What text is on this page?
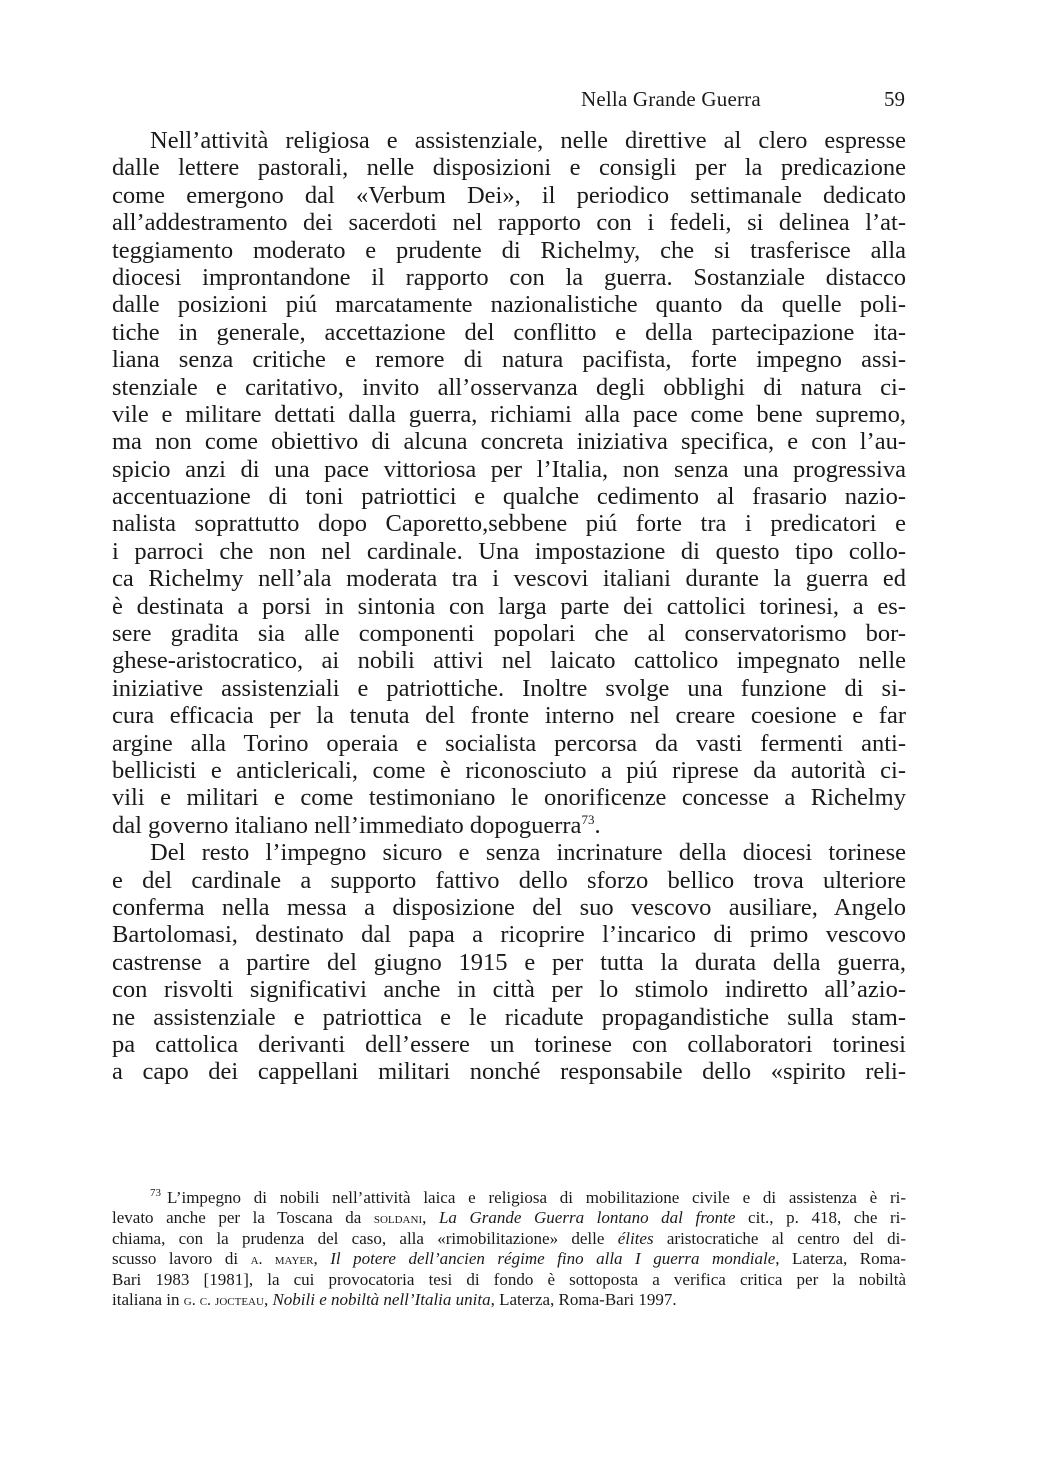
Nella Grande Guerra	59
Nell’attività religiosa e assistenziale, nelle direttive al clero espresse
dalle lettere pastorali, nelle disposizioni e consigli per la predicazione
come emergono dal «Verbum Dei», il periodico settimanale dedicato
all’addestramento dei sacerdoti nel rapporto con i fedeli, si delinea l’at-
teggiamento moderato e prudente di Richelmy, che si trasferisce alla
diocesi improntandone il rapporto con la guerra. Sostanziale distacco
dalle posizioni piú marcatamente nazionalistiche quanto da quelle poli-
tiche in generale, accettazione del conflitto e della partecipazione ita-
liana senza critiche e remore di natura pacifista, forte impegno assi-
stenziale e caritativo, invito all’osservanza degli obblighi di natura ci-
vile e militare dettati dalla guerra, richiami alla pace come bene supremo,
ma non come obiettivo di alcuna concreta iniziativa specifica, e con l’au-
spicio anzi di una pace vittoriosa per l’Italia, non senza una progressiva
accentuazione di toni patriottici e qualche cedimento al frasario nazio-
nalista soprattutto dopo Caporetto,sebbene piú forte tra i predicatori e
i parroci che non nel cardinale. Una impostazione di questo tipo collo-
ca Richelmy nell’ala moderata tra i vescovi italiani durante la guerra ed
è destinata a porsi in sintonia con larga parte dei cattolici torinesi, a es-
sere gradita sia alle componenti popolari che al conservatorismo bor-
ghese-aristocratico, ai nobili attivi nel laicato cattolico impegnato nelle
iniziative assistenziali e patriottiche. Inoltre svolge una funzione di si-
cura efficacia per la tenuta del fronte interno nel creare coesione e far
argine alla Torino operaia e socialista percorsa da vasti fermenti anti-
bellicisti e anticlericali, come è riconosciuto a piú riprese da autorità ci-
vili e militari e come testimoniano le onorificenze concesse a Richelmy
dal governo italiano nell’immediato dopoguerra$^{73}$.
Del resto l’impegno sicuro e senza incrinature della diocesi torinese
e del cardinale a supporto fattivo dello sforzo bellico trova ulteriore
conferma nella messa a disposizione del suo vescovo ausiliare, Angelo
Bartolomasi, destinato dal papa a ricoprire l’incarico di primo vescovo
castrense a partire del giugno 1915 e per tutta la durata della guerra,
con risvolti significativi anche in città per lo stimolo indiretto all’azio-
ne assistenziale e patriottica e le ricadute propagandistiche sulla stam-
pa cattolica derivanti dell’essere un torinese con collaboratori torinesi
a capo dei cappellani militari nonché responsabile dello «spirito reli-
$^{73}$ L’impegno di nobili nell’attività laica e religiosa di mobilitazione civile e di assistenza è ri-
levato anche per la Toscana da soldani, La Grande Guerra lontano dal fronte cit., p. 418, che ri-
chiama, con la prudenza del caso, alla «rimobilitazione» delle élites aristocratiche al centro del di-
scusso lavoro di a. mayer, Il potere dell’ancien régime fino alla I guerra mondiale, Laterza, Roma-
Bari 1983 [1981], la cui provocatoria tesi di fondo è sottoposta a verifica critica per la nobiltà
italiana in g. c. jocteau, Nobili e nobiltà nell’Italia unita, Laterza, Roma-Bari 1997.
